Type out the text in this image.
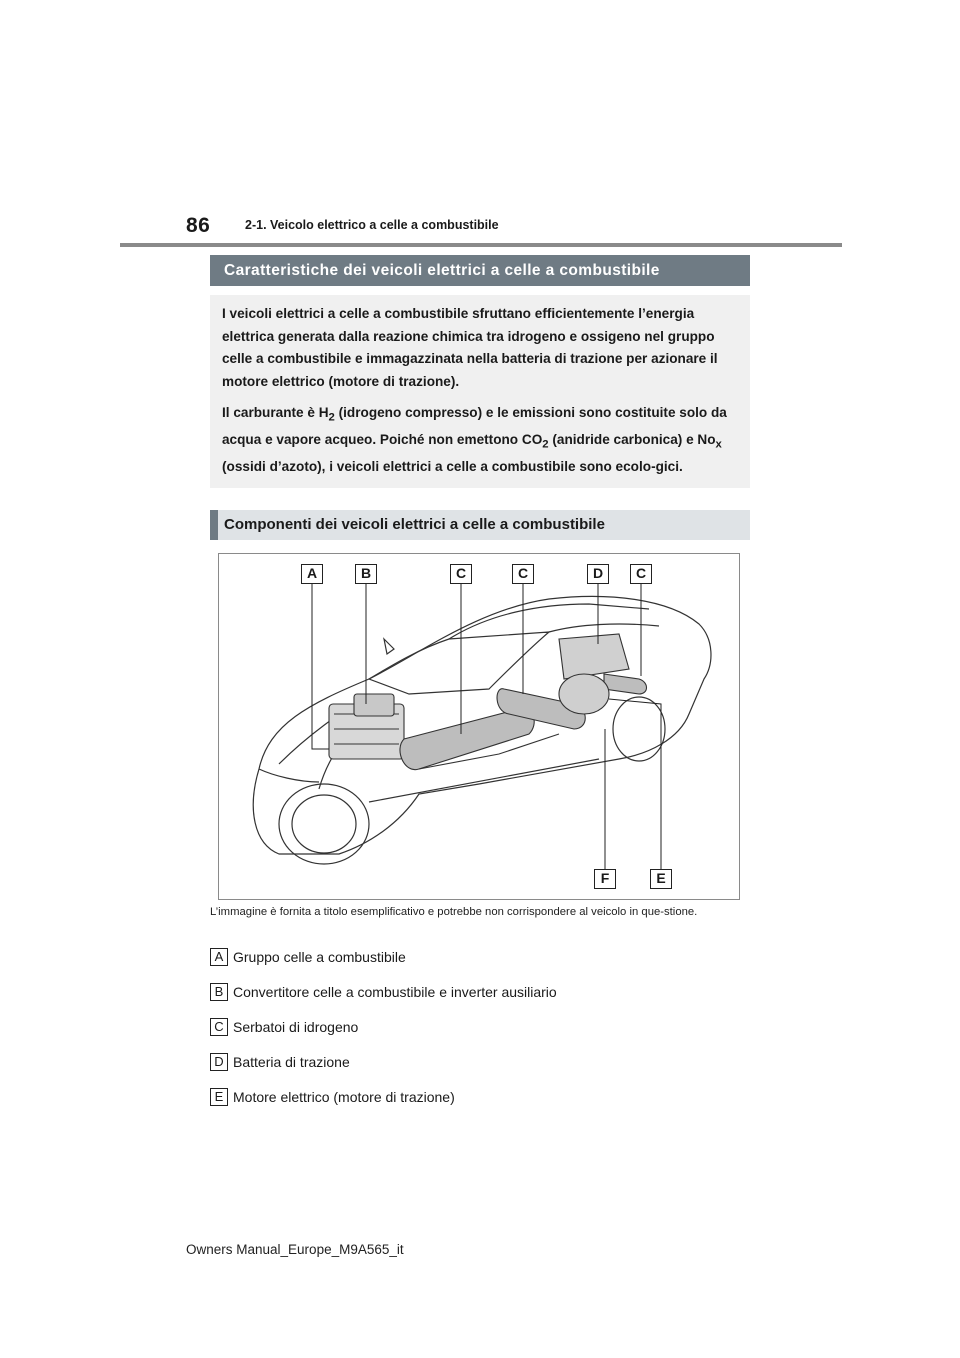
86	2-1. Veicolo elettrico a celle a combustibile
Caratteristiche dei veicoli elettrici a celle a combustibile

I veicoli elettrici a celle a combustibile sfruttano efficientemente l’energia elettrica generata dalla reazione chimica tra idrogeno e ossigeno nel gruppo celle a combustibile e immagazzinata nella batteria di trazione per azionare il motore elettrico (motore di trazione).

Il carburante è $H_2$ (idrogeno compresso) e le emissioni sono costituite solo da acqua e vapore acqueo. Poiché non emettono $CO_2$ (anidride carbonica) e $No_x$ (ossidi d’azoto), i veicoli elettrici a celle a combustibile sono ecolo-gici.

Componenti dei veicoli elettrici a celle a combustibile
A	B	C	C	D	C
F	E
L’immagine è fornita a titolo esemplificativo e potrebbe non corrispondere al veicolo in que-stione.
A Gruppo celle a combustibile
B Convertitore celle a combustibile e inverter ausiliario
C Serbatoi di idrogeno
D Batteria di trazione
E Motore elettrico (motore di trazione)
Owners Manual_Europe_M9A565_it
